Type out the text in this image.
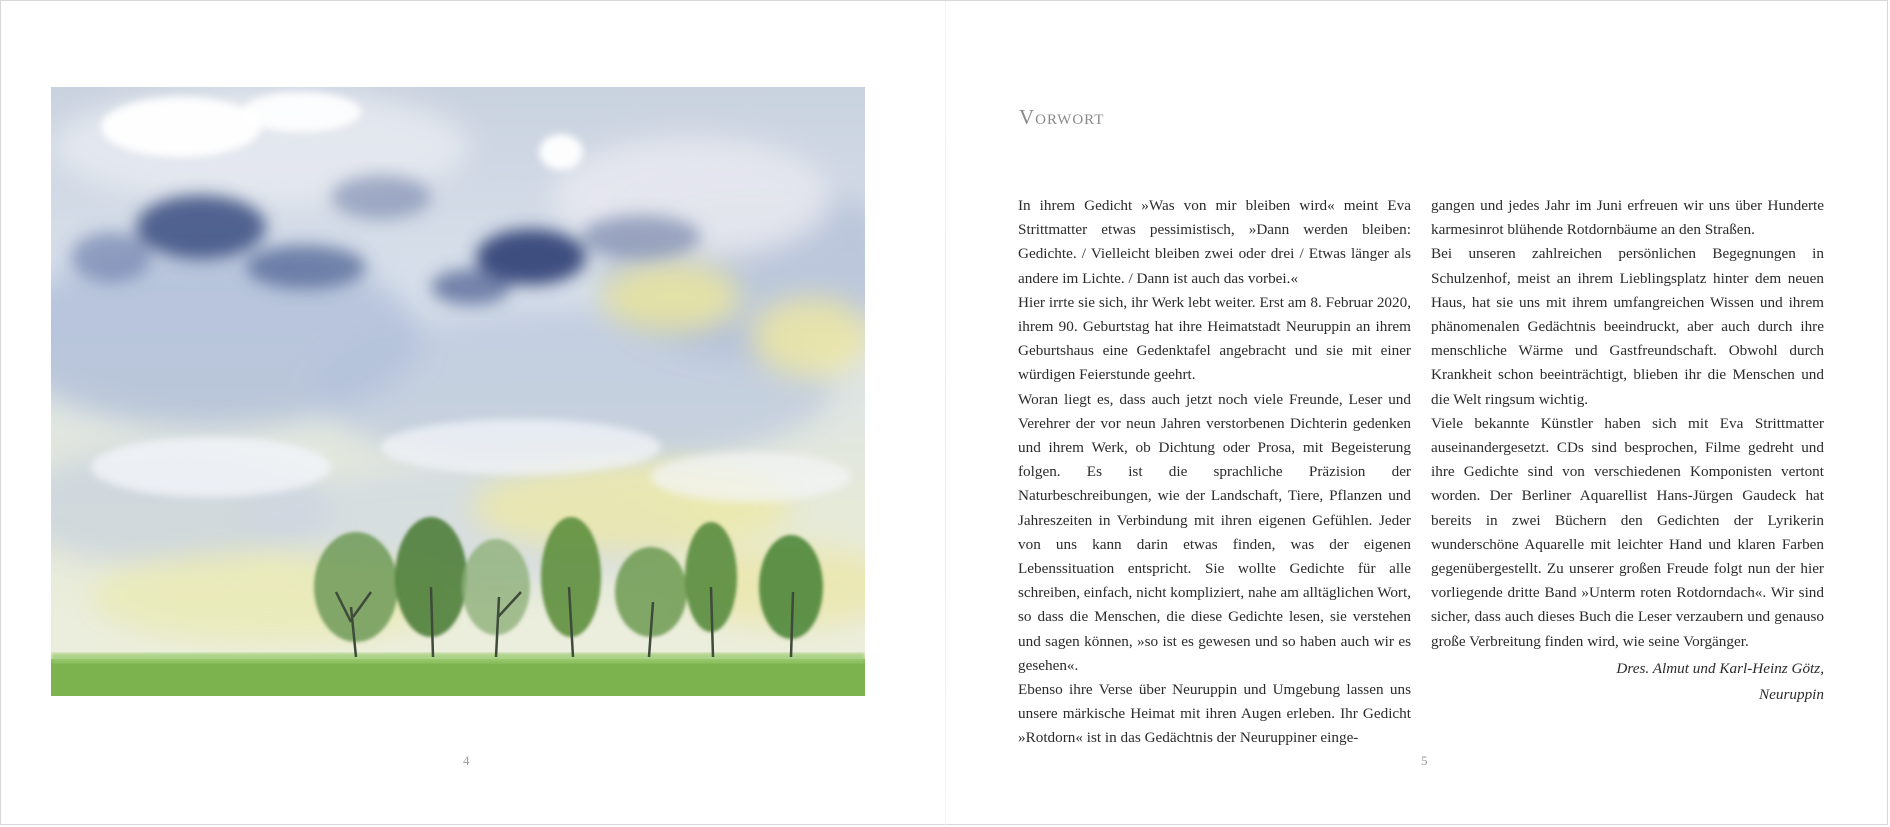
4
Vorwort

In ihrem Gedicht »Was von mir bleiben wird« meint Eva Strittmatter etwas pessimistisch, »Dann werden bleiben: Gedichte. / Vielleicht bleiben zwei oder drei / Etwas länger als andere im Lichte. / Dann ist auch das vorbei.«

Hier irrte sie sich, ihr Werk lebt weiter. Erst am 8. Februar 2020, ihrem 90. Geburtstag hat ihre Heimatstadt Neuruppin an ihrem Geburtshaus eine Gedenktafel angebracht und sie mit einer würdigen Feierstunde geehrt.

Woran liegt es, dass auch jetzt noch viele Freunde, Leser und Verehrer der vor neun Jahren verstorbenen Dichterin gedenken und ihrem Werk, ob Dichtung oder Prosa, mit Begeisterung folgen. Es ist die sprachliche Präzision der Naturbeschreibungen, wie der Landschaft, Tiere, Pflanzen und Jahreszeiten in Verbindung mit ihren eigenen Gefühlen. Jeder von uns kann darin etwas finden, was der eigenen Lebenssituation entspricht. Sie wollte Gedichte für alle schreiben, einfach, nicht kompliziert, nahe am alltäglichen Wort, so dass die Menschen, die diese Gedichte lesen, sie verstehen und sagen können, »so ist es gewesen und so haben auch wir es gesehen«.

Ebenso ihre Verse über Neuruppin und Umgebung lassen uns unsere märkische Heimat mit ihren Augen erleben. Ihr Gedicht »Rotdorn« ist in das Gedächtnis der Neuruppiner einge-

gangen und jedes Jahr im Juni erfreuen wir uns über Hunderte karmesinrot blühende Rotdornbäume an den Straßen.

Bei unseren zahlreichen persönlichen Begegnungen in Schulzenhof, meist an ihrem Lieblingsplatz hinter dem neuen Haus, hat sie uns mit ihrem umfangreichen Wissen und ihrem phänomenalen Gedächtnis beeindruckt, aber auch durch ihre menschliche Wärme und Gastfreundschaft. Obwohl durch Krankheit schon beeinträchtigt, blieben ihr die Menschen und die Welt ringsum wichtig.

Viele bekannte Künstler haben sich mit Eva Strittmatter auseinandergesetzt. CDs sind besprochen, Filme gedreht und ihre Gedichte sind von verschiedenen Komponisten vertont worden. Der Berliner Aquarellist Hans-Jürgen Gaudeck hat bereits in zwei Büchern den Gedichten der Lyrikerin wunderschöne Aquarelle mit leichter Hand und klaren Farben gegenübergestellt. Zu unserer großen Freude folgt nun der hier vorliegende dritte Band »Unterm roten Rotdorndach«. Wir sind sicher, dass auch dieses Buch die Leser verzaubern und genauso große Verbreitung finden wird, wie seine Vorgänger.

Dres. Almut und Karl-Heinz Götz,
Neuruppin
5
